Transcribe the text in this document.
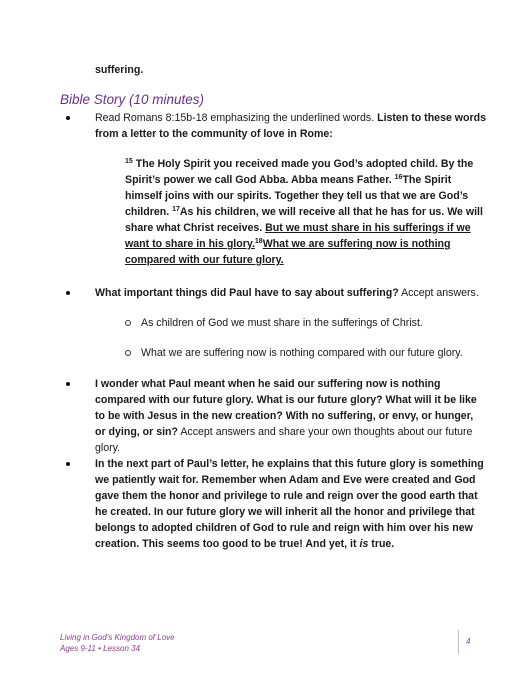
suffering.
Bible Story (10 minutes)
Read Romans 8:15b-18 emphasizing the underlined words. Listen to these words from a letter to the community of love in Rome:
$^{15}$ The Holy Spirit you received made you God’s adopted child. By the Spirit’s power we call God Abba. Abba means Father. $^{16}$The Spirit himself joins with our spirits. Together they tell us that we are God’s children. $^{17}$As his children, we will receive all that he has for us. We will share what Christ receives. But we must share in his sufferings if we want to share in his glory.$^{18}$What we are suffering now is nothing compared with our future glory.
What important things did Paul have to say about suffering? Accept answers.
As children of God we must share in the sufferings of Christ.
What we are suffering now is nothing compared with our future glory.
I wonder what Paul meant when he said our suffering now is nothing compared with our future glory. What is our future glory? What will it be like to be with Jesus in the new creation? With no suffering, or envy, or hunger, or dying, or sin? Accept answers and share your own thoughts about our future glory.
In the next part of Paul’s letter, he explains that this future glory is something we patiently wait for. Remember when Adam and Eve were created and God gave them the honor and privilege to rule and reign over the good earth that he created. In our future glory we will inherit all the honor and privilege that belongs to adopted children of God to rule and reign with him over his new creation. This seems too good to be true! And yet, it is true.
Living in God’s Kingdom of Love
Ages 9-11 • Lesson 34
4
